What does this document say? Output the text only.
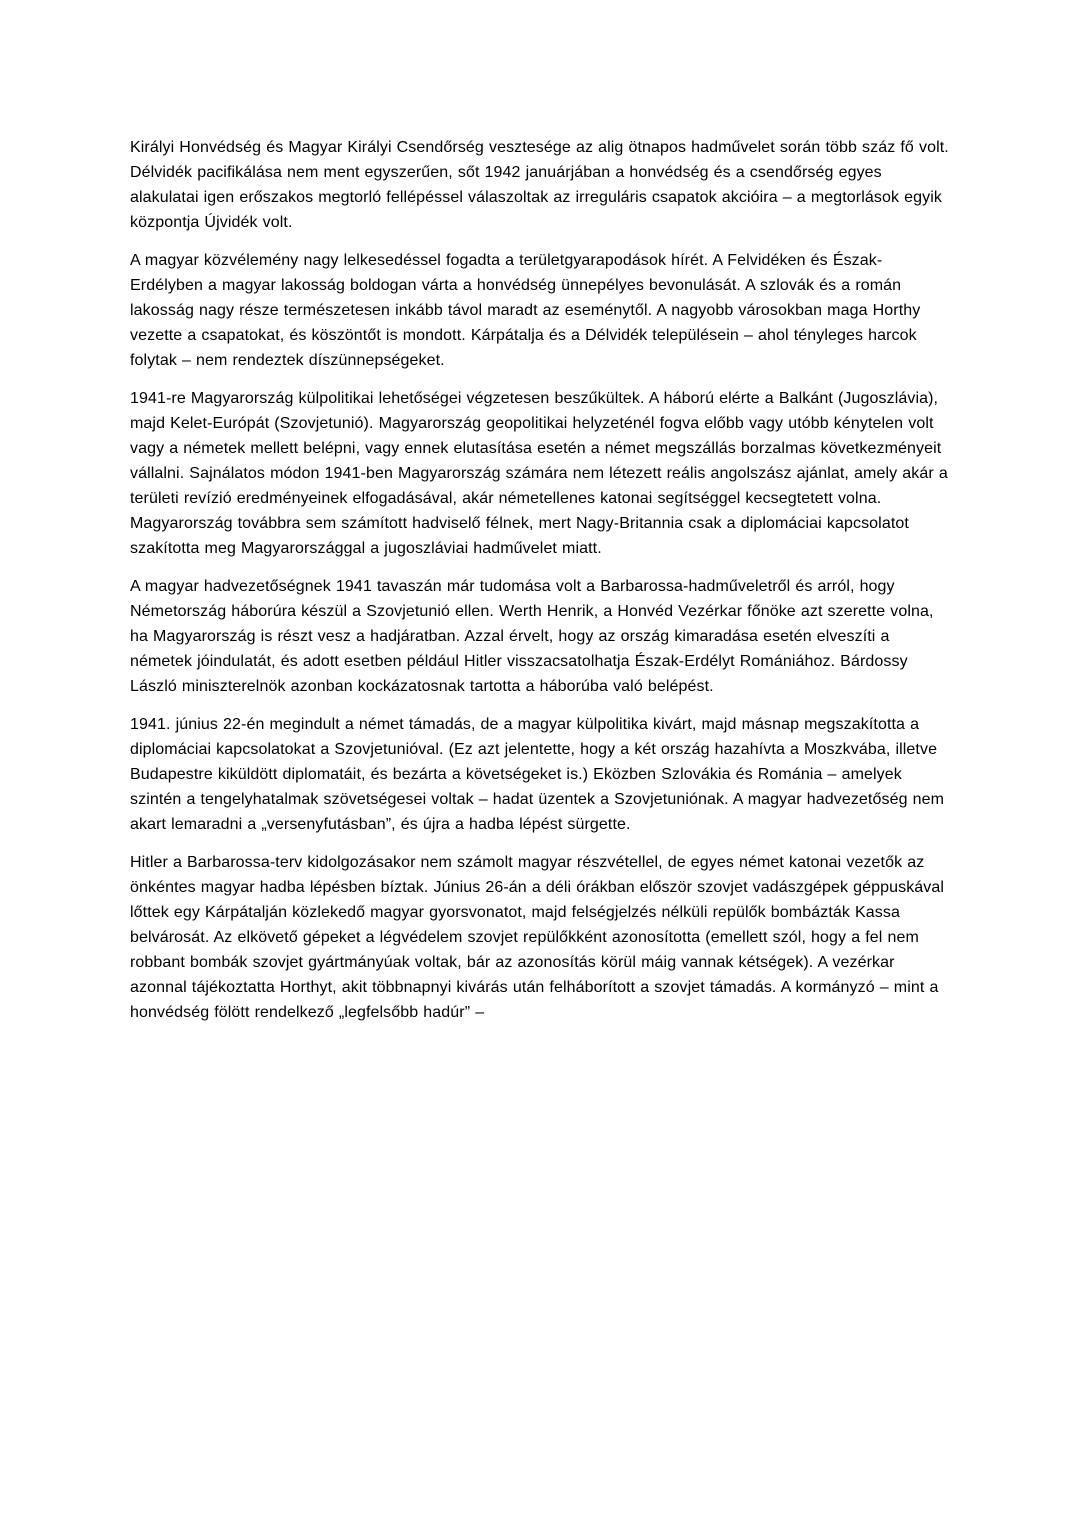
Királyi Honvédség és Magyar Királyi Csendőrség vesztesége az alig ötnapos hadművelet során több száz fő volt. Délvidék pacifikálása nem ment egyszerűen, sőt 1942 januárjában a honvédség és a csendőrség egyes alakulatai igen erőszakos megtorló fellépéssel válaszoltak az irreguláris csapatok akcióira – a megtorlások egyik központja Újvidék volt.

A magyar közvélemény nagy lelkesedéssel fogadta a területgyarapodások hírét. A Felvidéken és Észak-Erdélyben a magyar lakosság boldogan várta a honvédség ünnepélyes bevonulását. A szlovák és a román lakosság nagy része természetesen inkább távol maradt az eseménytől. A nagyobb városokban maga Horthy vezette a csapatokat, és köszöntőt is mondott. Kárpátalja és a Délvidék településein – ahol tényleges harcok folytak – nem rendeztek díszünnepségeket.

1941-re Magyarország külpolitikai lehetőségei végzetesen beszűkültek. A háború elérte a Balkánt (Jugoszlávia), majd Kelet-Európát (Szovjetunió). Magyarország geopolitikai helyzeténél fogva előbb vagy utóbb kénytelen volt vagy a németek mellett belépni, vagy ennek elutasítása esetén a német megszállás borzalmas következményeit vállalni. Sajnálatos módon 1941-ben Magyarország számára nem létezett reális angolszász ajánlat, amely akár a területi revízió eredményeinek elfogadásával, akár németellenes katonai segítséggel kecsegtetett volna. Magyarország továbbra sem számított hadviselő félnek, mert Nagy-Britannia csak a diplomáciai kapcsolatot szakította meg Magyarországgal a jugoszláviai hadművelet miatt.

A magyar hadvezetőségnek 1941 tavaszán már tudomása volt a Barbarossa-hadműveletről és arról, hogy Németország háborúra készül a Szovjetunió ellen. Werth Henrik, a Honvéd Vezérkar főnöke azt szerette volna, ha Magyarország is részt vesz a hadjáratban. Azzal érvelt, hogy az ország kimaradása esetén elveszíti a németek jóindulatát, és adott esetben például Hitler visszacsatolhatja Észak-Erdélyt Romániához. Bárdossy László miniszterelnök azonban kockázatosnak tartotta a háborúba való belépést.

1941. június 22-én megindult a német támadás, de a magyar külpolitika kivárt, majd másnap megszakította a diplomáciai kapcsolatokat a Szovjetunióval. (Ez azt jelentette, hogy a két ország hazahívta a Moszkvába, illetve Budapestre kiküldött diplomatáit, és bezárta a követségeket is.) Eközben Szlovákia és Románia – amelyek szintén a tengelyhatalmak szövetségesei voltak – hadat üzentek a Szovjetuniónak. A magyar hadvezetőség nem akart lemaradni a „versenyfutásban”, és újra a hadba lépést sürgette.

Hitler a Barbarossa-terv kidolgozásakor nem számolt magyar részvétellel, de egyes német katonai vezetők az önkéntes magyar hadba lépésben bíztak. Június 26-án a déli órákban először szovjet vadászgépek géppuskával lőttek egy Kárpátalján közlekedő magyar gyorsvonatot, majd felségjelzés nélküli repülők bombázták Kassa belvárosát. Az elkövető gépeket a légvédelem szovjet repülőkként azonosította (emellett szól, hogy a fel nem robbant bombák szovjet gyártmányúak voltak, bár az azonosítás körül máig vannak kétségek). A vezérkar azonnal tájékoztatta Horthyt, akit többnapnyi kivárás után felháborított a szovjet támadás. A kormányzó – mint a honvédség fölött rendelkező „legfelsőbb hadúr” –
